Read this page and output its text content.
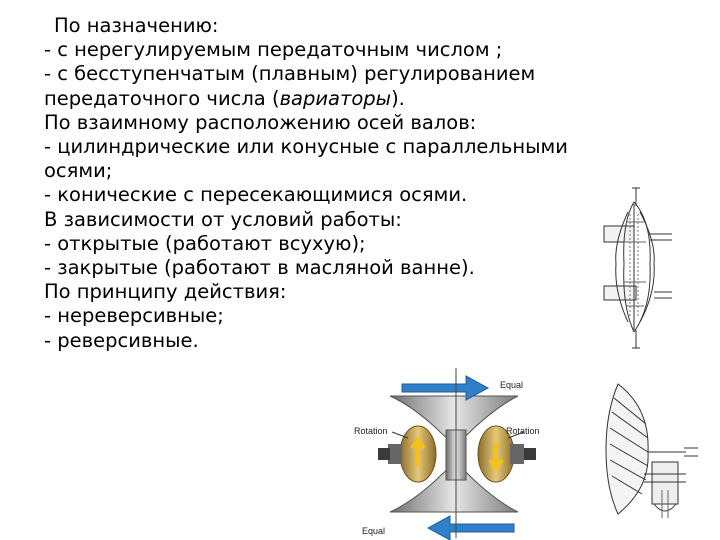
По назначению:
- с нерегулируемым передаточным числом ;
- с бесступенчатым (плавным) регулированием
передаточного числа (вариаторы).
По взаимному расположению осей валов:
- цилиндрические или конусные с параллельными
осями;
- конические с пересекающимися осями.
В зависимости от условий работы:
- открытые (работают всухую);
- закрытые (работают в масляной ванне).
По принципу действия:
- нереверсивные;
- реверсивные.
Equal
Equal
Rotation	Rotation
